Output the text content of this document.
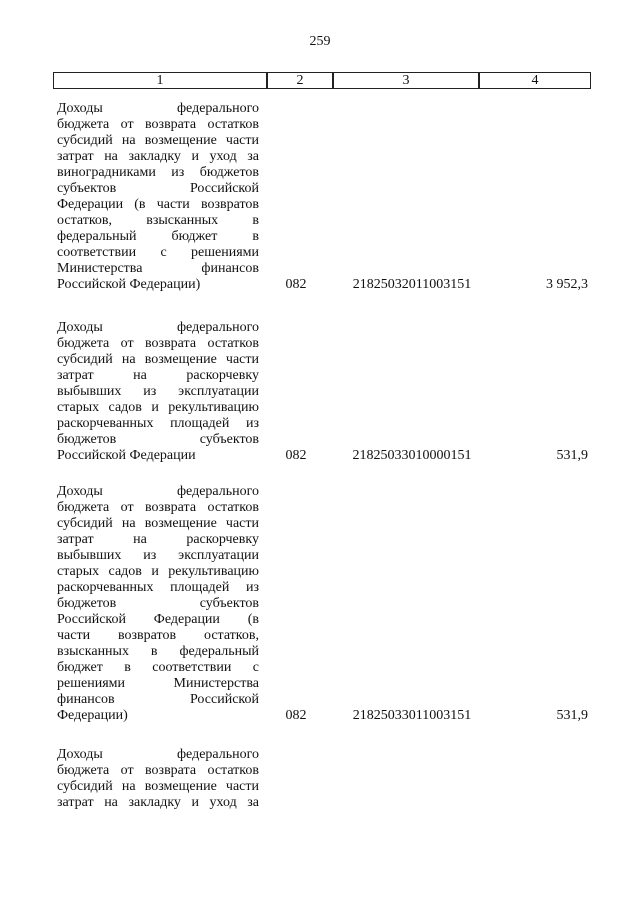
259
1	2	3	4
Доходы федерального
бюджета от возврата остатков
субсидий на возмещение части
затрат на закладку и уход за
виноградниками из бюджетов
субъектов Российской
Федерации (в части возвратов
остатков, взысканных в
федеральный бюджет в
соответствии с решениями
Министерства финансов
Российской Федерации)	082	21825032011003151	3 952,3
Доходы федерального
бюджета от возврата остатков
субсидий на возмещение части
затрат на раскорчевку
выбывших из эксплуатации
старых садов и рекультивацию
раскорчеванных площадей из
бюджетов субъектов
Российской Федерации	082	21825033010000151	531,9
Доходы федерального
бюджета от возврата остатков
субсидий на возмещение части
затрат на раскорчевку
выбывших из эксплуатации
старых садов и рекультивацию
раскорчеванных площадей из
бюджетов субъектов
Российской Федерации (в
части возвратов остатков,
взысканных в федеральный
бюджет в соответствии с
решениями Министерства
финансов Российской
Федерации)	082	21825033011003151	531,9
Доходы федерального
бюджета от возврата остатков
субсидий на возмещение части
затрат на закладку и уход за
